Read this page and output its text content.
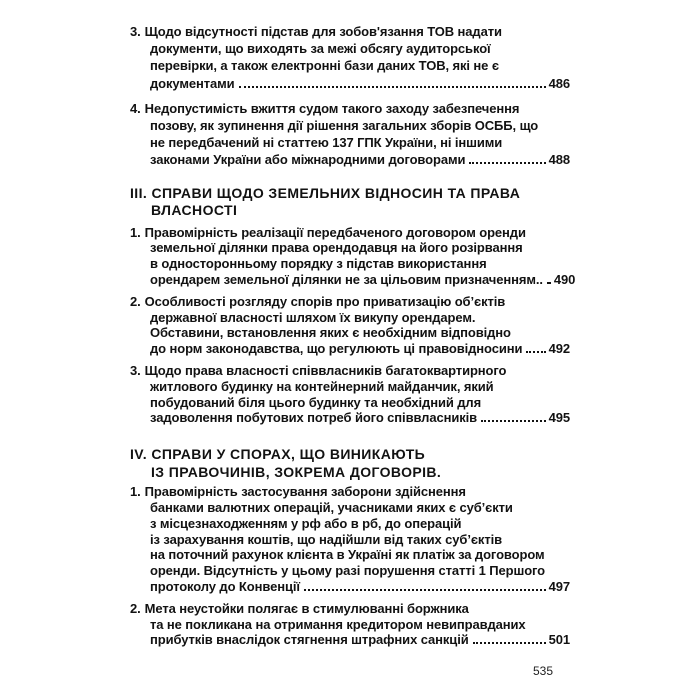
3. Щодо відсутності підстав для зобов'язання ТОВ надати
документи, що виходять за межі обсягу аудиторської
перевірки, а також електронні бази даних ТОВ, які не є
документами	486
4. Недопустимість вжиття судом такого заходу забезпечення
позову, як зупинення дії рішення загальних зборів ОСББ, що
не передбачений ні статтею 137 ГПК України, ні іншими
законами України або міжнародними договорами	488
ІІІ. СПРАВИ ЩОДО ЗЕМЕЛЬНИХ ВІДНОСИН ТА ПРАВА
ВЛАСНОСТІ
1. Правомірність реалізації передбаченого договором оренди
земельної ділянки права орендодавця на його розірвання
в односторонньому порядку з підстав використання
орендарем земельної ділянки не за цільовим призначенням.. 490
2. Особливості розгляду спорів про приватизацію об’єктів
державної власності шляхом їх викупу орендарем.
Обставини, встановлення яких є необхідним відповідно
до норм законодавства, що регулюють ці правовідносини 492
3. Щодо права власності співвласників багатоквартирного
житлового будинку на контейнерний майданчик, який
побудований біля цього будинку та необхідний для
задоволення побутових потреб його співвласників	495
IV. СПРАВИ У СПОРАХ, ЩО ВИНИКАЮТЬ
ІЗ ПРАВОЧИНІВ, ЗОКРЕМА ДОГОВОРІВ.
1. Правомірність застосування заборони здійснення
банками валютних операцій, учасниками яких є суб’єкти
з місцезнаходженням у рф або в рб, до операцій
із зарахування коштів, що надійшли від таких суб’єктів
на поточний рахунок клієнта в Україні як платіж за договором
оренди. Відсутність у цьому разі порушення статті 1 Першого
протоколу до Конвенції	497
2. Мета неустойки полягає в стимулюванні боржника
та не покликана на отримання кредитором невиправданих
прибутків внаслідок стягнення штрафних санкцій	501
535
